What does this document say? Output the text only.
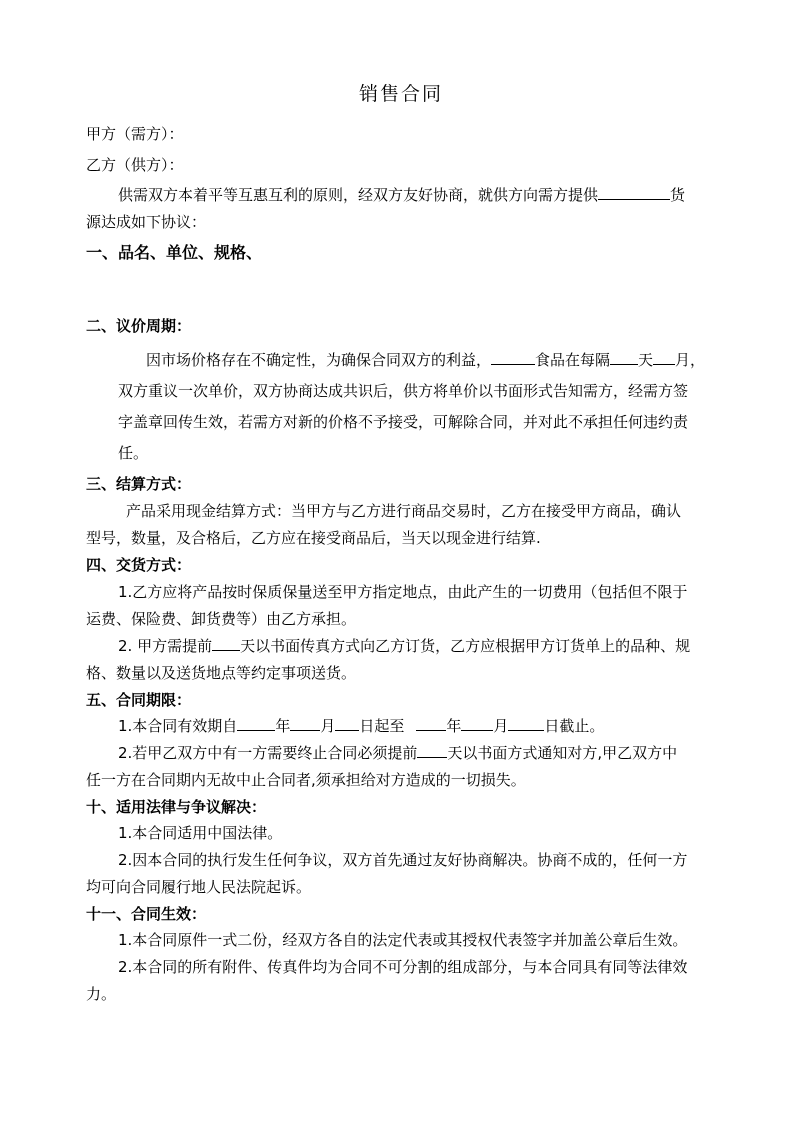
销售合同
甲方（需方）：
乙方（供方）：
供需双方本着平等互惠互利的原则，经双方友好协商，就供方向需方提供	货
源达成如下协议：
一、品名、单位、规格、
二、议价周期：
因市场价格存在不确定性，为确保合同双方的利益，	食品在每隔 天 月，
双方重议一次单价，双方协商达成共识后，供方将单价以书面形式告知需方，经需方签
字盖章回传生效，若需方对新的价格不予接受，可解除合同，并对此不承担任何违约责
任。
三、结算方式：
产品采用现金结算方式：当甲方与乙方进行商品交易时，乙方在接受甲方商品，确认
型号，数量，及合格后，乙方应在接受商品后，当天以现金进行结算.
四、交货方式：
1.乙方应将产品按时保质保量送至甲方指定地点，由此产生的一切费用（包括但不限于
运费、保险费、卸货费等）由乙方承担。
2. 甲方需提前 天以书面传真方式向乙方订货，乙方应根据甲方订货单上的品种、规
格、数量以及送货地点等约定事项送货。
五、合同期限：
1.本合同有效期自	年 月 日起至	年 月 日截止。
2.若甲乙双方中有一方需要终止合同必须提前 天以书面方式通知对方,甲乙双方中
任一方在合同期内无故中止合同者,须承担给对方造成的一切损失。
十、适用法律与争议解决：
1.本合同适用中国法律。
2.因本合同的执行发生任何争议，双方首先通过友好协商解决。协商不成的，任何一方
均可向合同履行地人民法院起诉。
十一、合同生效：
1.本合同原件一式二份，经双方各自的法定代表或其授权代表签字并加盖公章后生效。
2.本合同的所有附件、传真件均为合同不可分割的组成部分，与本合同具有同等法律效
力。
